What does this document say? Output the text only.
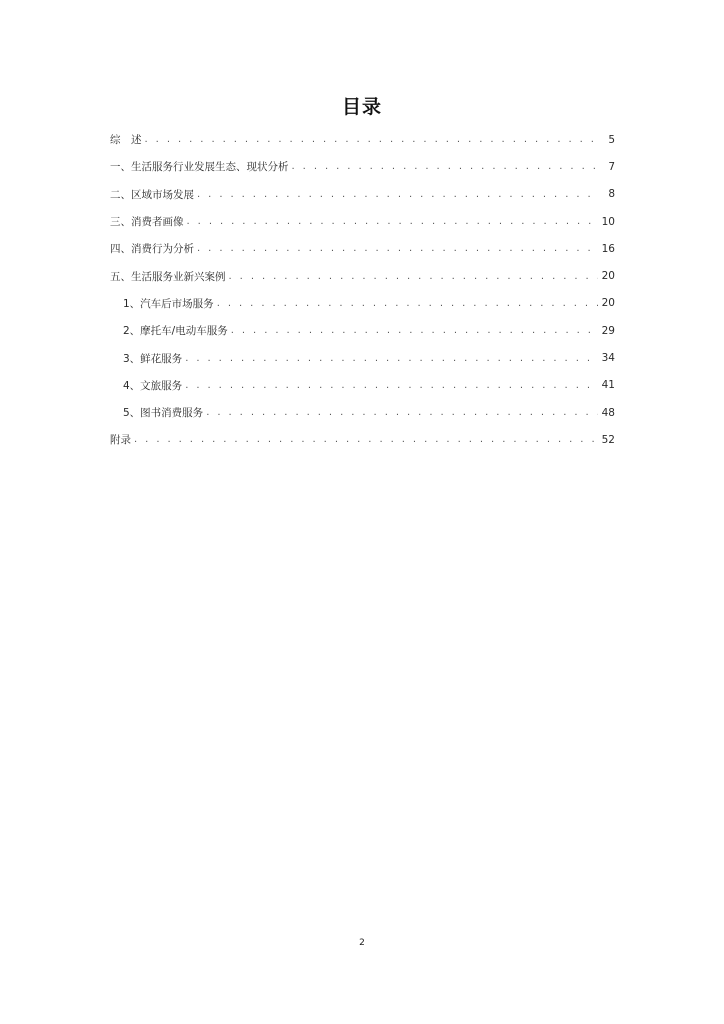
目录
综　述 . . .	5
一、生活服务行业发展生态、现状分析 . . .	7
二、区域市场发展 . . .	8
三、消费者画像 . . .	10
四、消费行为分析 . . .	16
五、生活服务业新兴案例 . . .	20
1、汽车后市场服务 . . .	20
2、摩托车/电动车服务 . . .	29
3、鲜花服务 . . .	34
4、文旅服务 . . .	41
5、图书消费服务 . . .	48
附录 . . .	52
2
